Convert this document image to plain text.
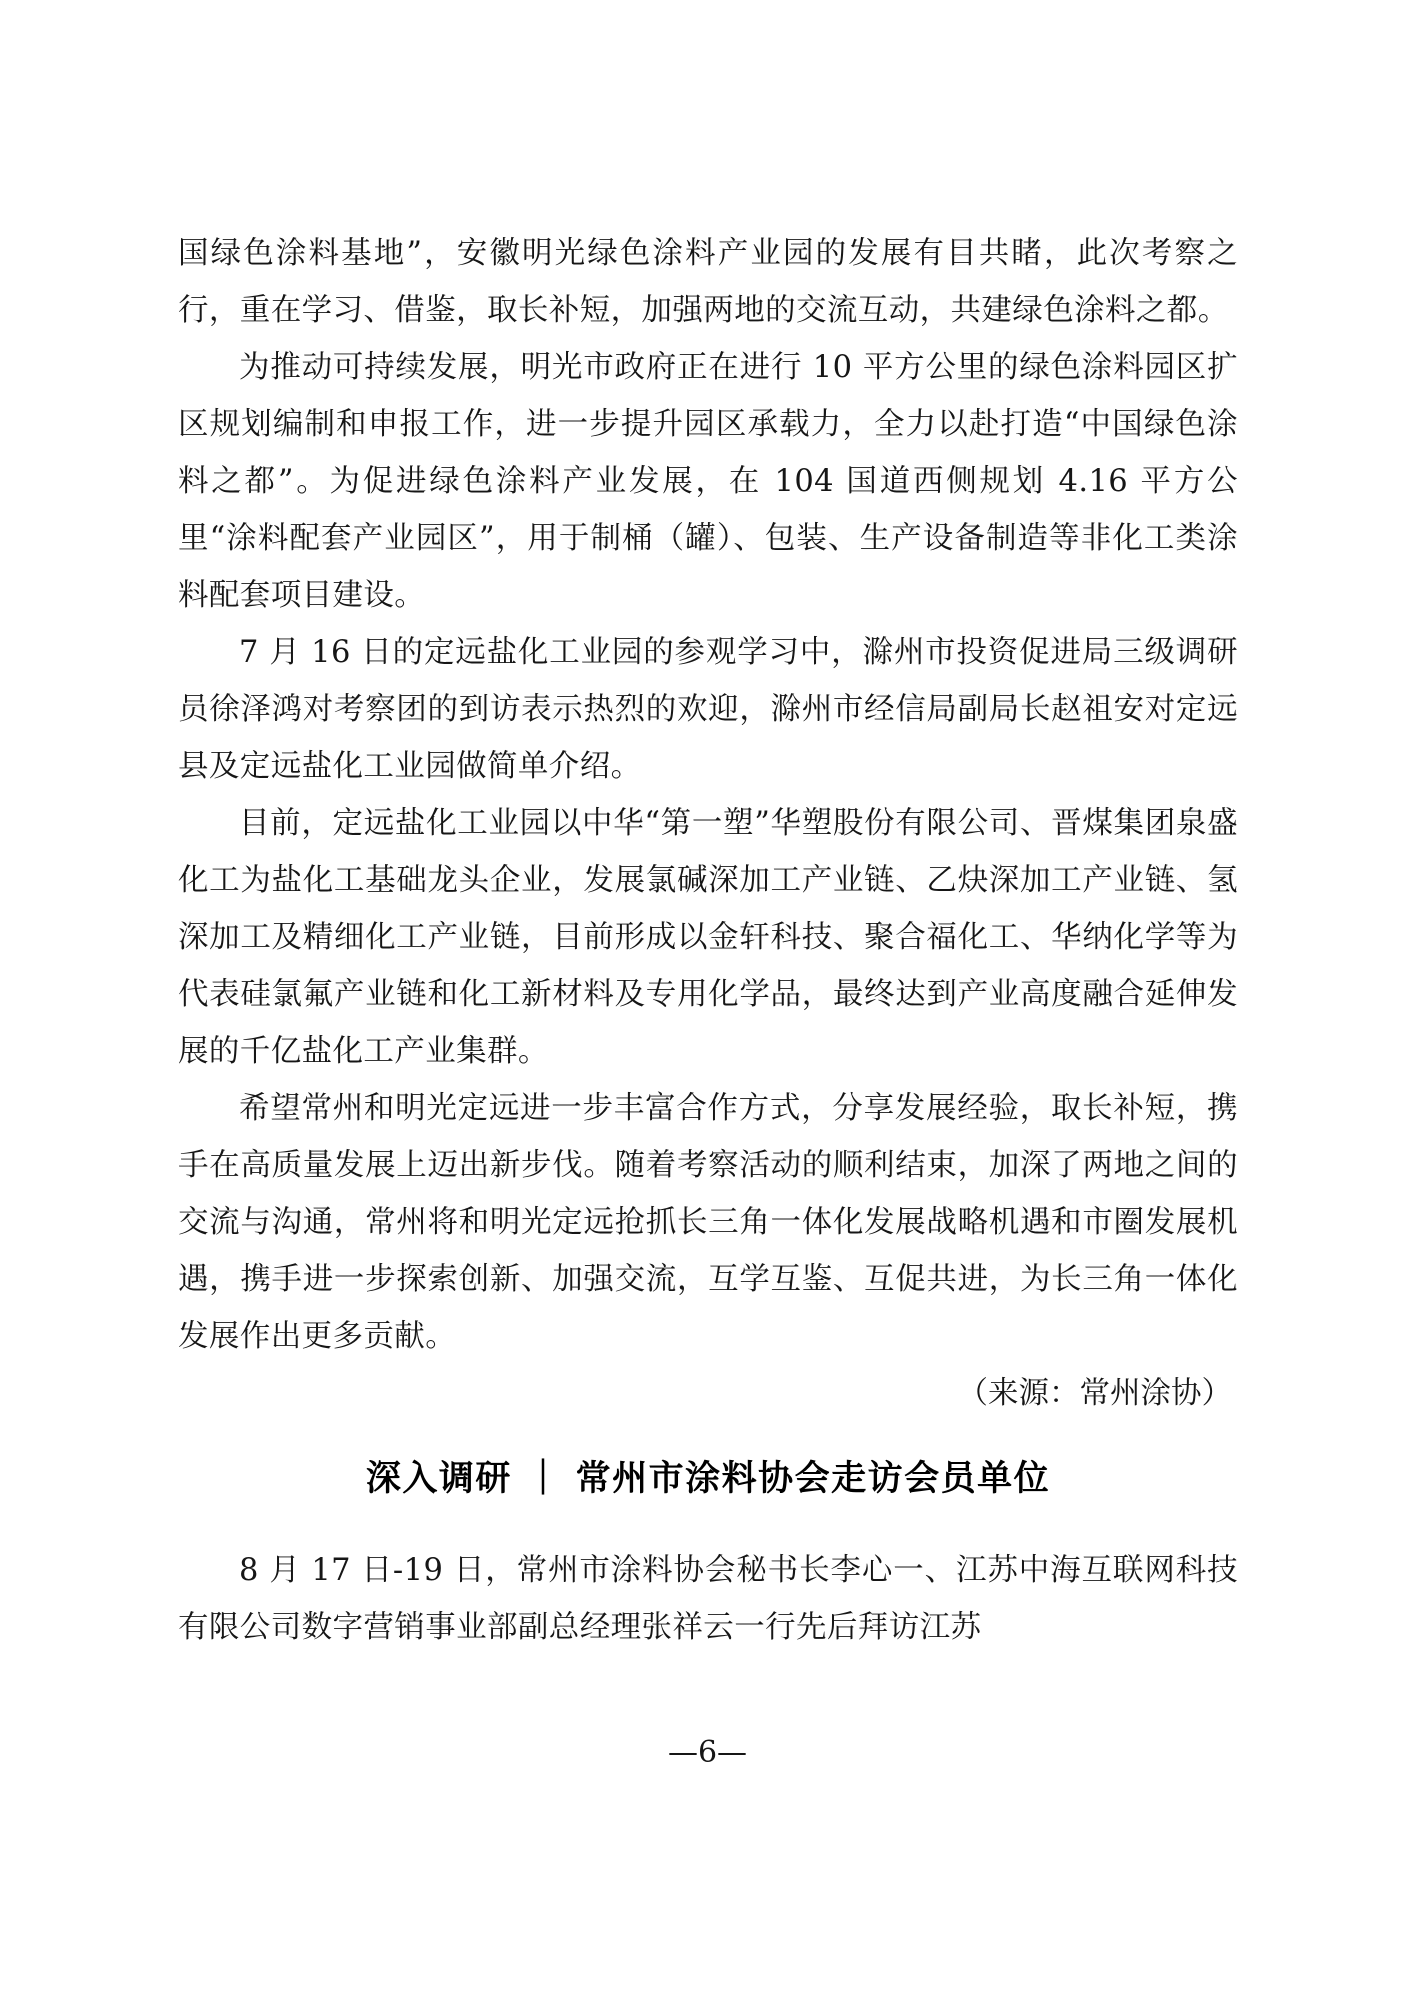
国绿色涂料基地”，安徽明光绿色涂料产业园的发展有目共睹，此次考察之行，重在学习、借鉴，取长补短，加强两地的交流互动，共建绿色涂料之都。

为推动可持续发展，明光市政府正在进行 10 平方公里的绿色涂料园区扩区规划编制和申报工作，进一步提升园区承载力，全力以赴打造“中国绿色涂料之都”。为促进绿色涂料产业发展，在 104 国道西侧规划 4.16 平方公里“涂料配套产业园区”，用于制桶（罐）、包装、生产设备制造等非化工类涂料配套项目建设。

7 月 16 日的定远盐化工业园的参观学习中，滁州市投资促进局三级调研员徐泽鸿对考察团的到访表示热烈的欢迎，滁州市经信局副局长赵祖安对定远县及定远盐化工业园做简单介绍。

目前，定远盐化工业园以中华“第一塑”华塑股份有限公司、晋煤集团泉盛化工为盐化工基础龙头企业，发展氯碱深加工产业链、乙炔深加工产业链、氢深加工及精细化工产业链，目前形成以金轩科技、聚合福化工、华纳化学等为代表硅氯氟产业链和化工新材料及专用化学品，最终达到产业高度融合延伸发展的千亿盐化工产业集群。

希望常州和明光定远进一步丰富合作方式，分享发展经验，取长补短，携手在高质量发展上迈出新步伐。随着考察活动的顺利结束，加深了两地之间的交流与沟通，常州将和明光定远抢抓长三角一体化发展战略机遇和市圈发展机遇，携手进一步探索创新、加强交流，互学互鉴、互促共进，为长三角一体化发展作出更多贡献。

（来源：常州涂协）

深入调研 ｜ 常州市涂料协会走访会员单位

8 月 17 日-19 日，常州市涂料协会秘书长李心一、江苏中海互联网科技有限公司数字营销事业部副总经理张祥云一行先后拜访江苏

—6—
